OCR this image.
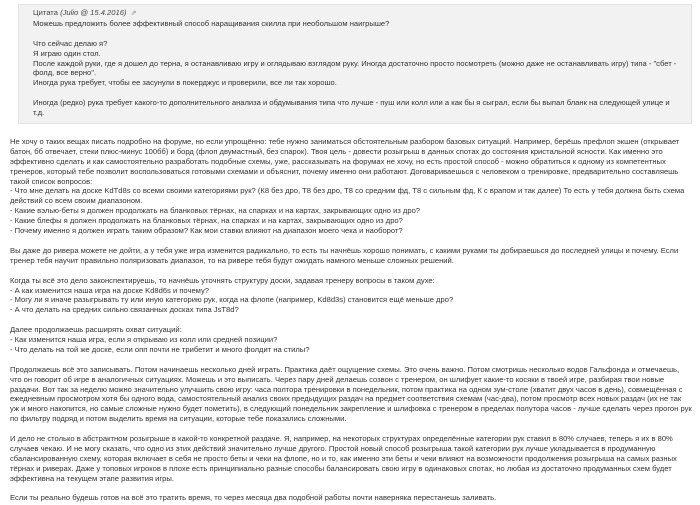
Цитата (Julio @ 15.4.2016) ⇗
Можешь предложить более эффективный способ наращивания скилла при необольшом наигрыше?
Что сейчас делаю я?
Я играю один стол.
После каждой руки, где я дошел до терна, я останавливаю игру и оглядываю взглядом руку. Иногда достаточно просто посмотреть (можно даже не останавливать игру) типа - "сбет - фолд, все верно".
Иногда рука требует, чтобы ее засунули в покерджус и проверили, все ли так хорошо.
Иногда (редко) рука требует какого-то дополнительного анализа и обдумывания типа что лучше - пуш или колл или а как бы я сыграл, если бы выпал бланк на следующей улице и т.д.

Не хочу о таких вещах писать подробно на форуме, но если упрощённо: тебе нужно заниматься обстоятельным разбором базовых ситуаций. Например, берёшь префлоп экшен (открывает батон, бб отвечает, стеки плюс-минус 100бб) и борд (флоп двумастный, без спарок). Твоя цель - довести розыгрыш в данных спотах до состояния кристальной ясности. Как именно это эффективно сделать и как самостоятельно разработать подобные схемы, уже, рассказывать на форумах не хочу, но есть простой способ - можно обратиться к одному из компетентных тренеров, который тебе позволит воспользоваться готовыми схемами и объяснит, почему именно они работают. Договариваешься с человеком о тренировке, предварительно составляешь такой список вопросов:

- Что мне делать на доске KdTd8s со всеми своими категориями рук? (К8 без дро, Т8 без дро, Т8 со средним фд, Т8 с сильным фд, К с врапом и так далее) То есть у тебя должна быть схема действий со всем своим диапазоном.
- Какие вэлью-беты я должен продолжать на бланковых тёрнах, на спарках и на картах, закрывающих одно из дро?
- Какие блефы я должен продолжать на бланковых тёрнах, на спарках и на картах, закрывающих одно из дро?
- Почему именно я должен играть таким образом? Как мои ставки влияют на диапазон моего чека и наоборот?

Вы даже до ривера можете не дойти, а у тебя уже игра изменится радикально, то есть ты начнёшь хорошо понимать, с какими руками ты добираешься до последней улицы и почему. Если тренер тебя научит правильно поляризовать диапазон, то на ривере тебя будут ожидать намного меньше сложных решений.

Когда ты всё это дело законспектируешь, то начнёшь уточнять структуру доски, задавая тренеру вопросы в таком духе:

- А как изменится наша игра на доске Kd8d6s и почему?
- Могу ли я иначе разыгрывать ту или иную категорию рук, когда на флопе (например, Kd8d3s) становится ещё меньше дро?
- А что делать на средних сильно связанных досках типа JsT8d?

Далее продолжаешь расширять охват ситуаций:

- Как изменится наша игра, если я открываю из колл или средней позиции?
- Что делать на той же доске, если опп почти не трибетит и много фолдит на стилы?

Продолжаешь всё это записывать. Потом начинаешь несколько дней играть. Практика даёт ощущение схемы. Это очень важно. Потом смотришь несколько водов Гальфонда и отмечаешь, что он говорит об игре в аналогичных ситуациях. Можешь и это выписать. Через пару дней делаешь созвон с тренером, он шлифует какие-то косяки в твоей игре, разбирая твои новые раздачи. Вот так за неделю можно значительно улучшить свою игру: часа полтора тренировки в понедельник, потом практика на одном зум-столе (хватит двух часов в день), совмещённая с ежедневным просмотром хотя бы одного вода, самостоятельный анализ своих предыдущих раздач на предмет соответствия схемам (час-два), потом просмотр всех новых раздач (их не так уж и много накопится, но самые сложные нужно будет пометить), в следующий понедельник закрепление и шлифовка с тренером в пределах полутора часов - лучше сделать через прогон рук по фильтру подряд и потом выделить время на ситуации, которые тебе показались сложными.

И дело не столько в абстрактном розыгрыше в какой-то конкретной раздаче. Я, например, на некоторых структурах определённые категории рук ставил в 80% случаев, теперь я их в 80% случаев чекаю. И не могу сказать, что одно из этих действий значительно лучше другого. Простой новый способ розыгрыша такой категории рук лучше укладывается в продуманную сбалансированную схему, которая включает в себя не просто беты и чеки на флопе, но и то, как именно эти беты и чеки влияют на возможности продолжения розыгрыша на самых разных тёрнах и риверах. Даже у топовых игроков в плохе есть принципиально разные способы балансировать свою игру в одинаковых спотах, но любая из достаточно продуманных схем будет эффективна на текущем этапе развития игры.

Если ты реально будешь готов на всё это тратить время, то через месяца два подобной работы почти наверняка перестанешь заливать.
